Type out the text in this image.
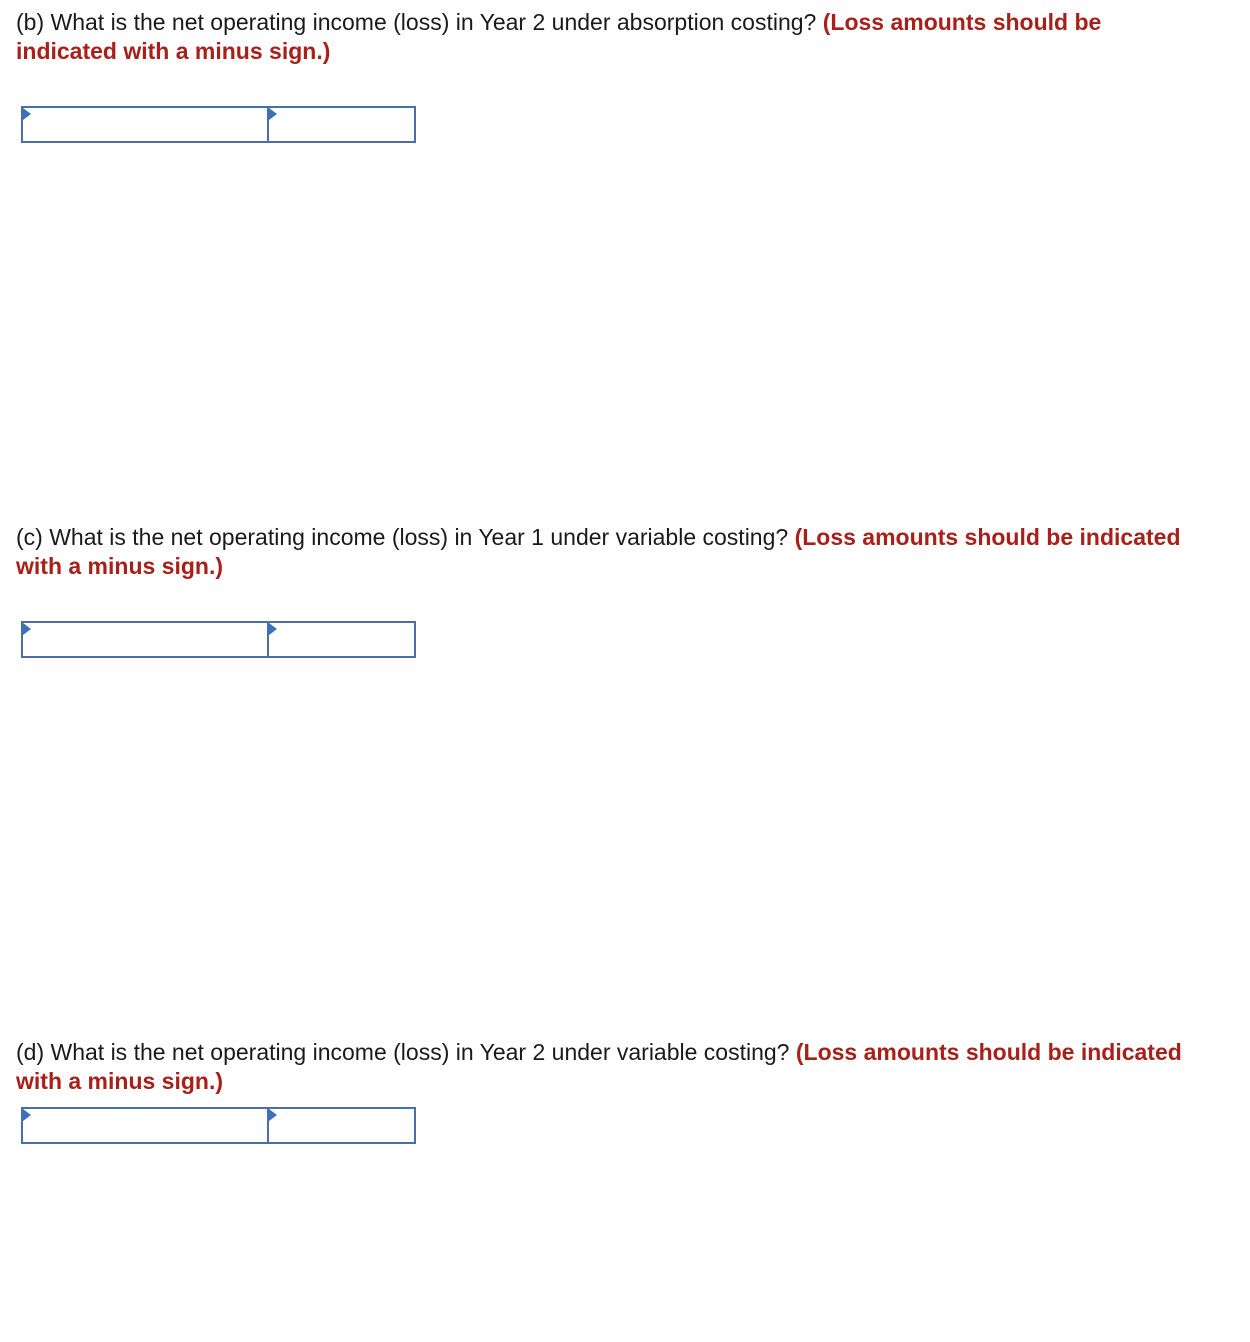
(b) What is the net operating income (loss) in Year 2 under absorption costing? (Loss amounts should be indicated with a minus sign.)
(c) What is the net operating income (loss) in Year 1 under variable costing? (Loss amounts should be indicated with a minus sign.)
(d) What is the net operating income (loss) in Year 2 under variable costing? (Loss amounts should be indicated with a minus sign.)
